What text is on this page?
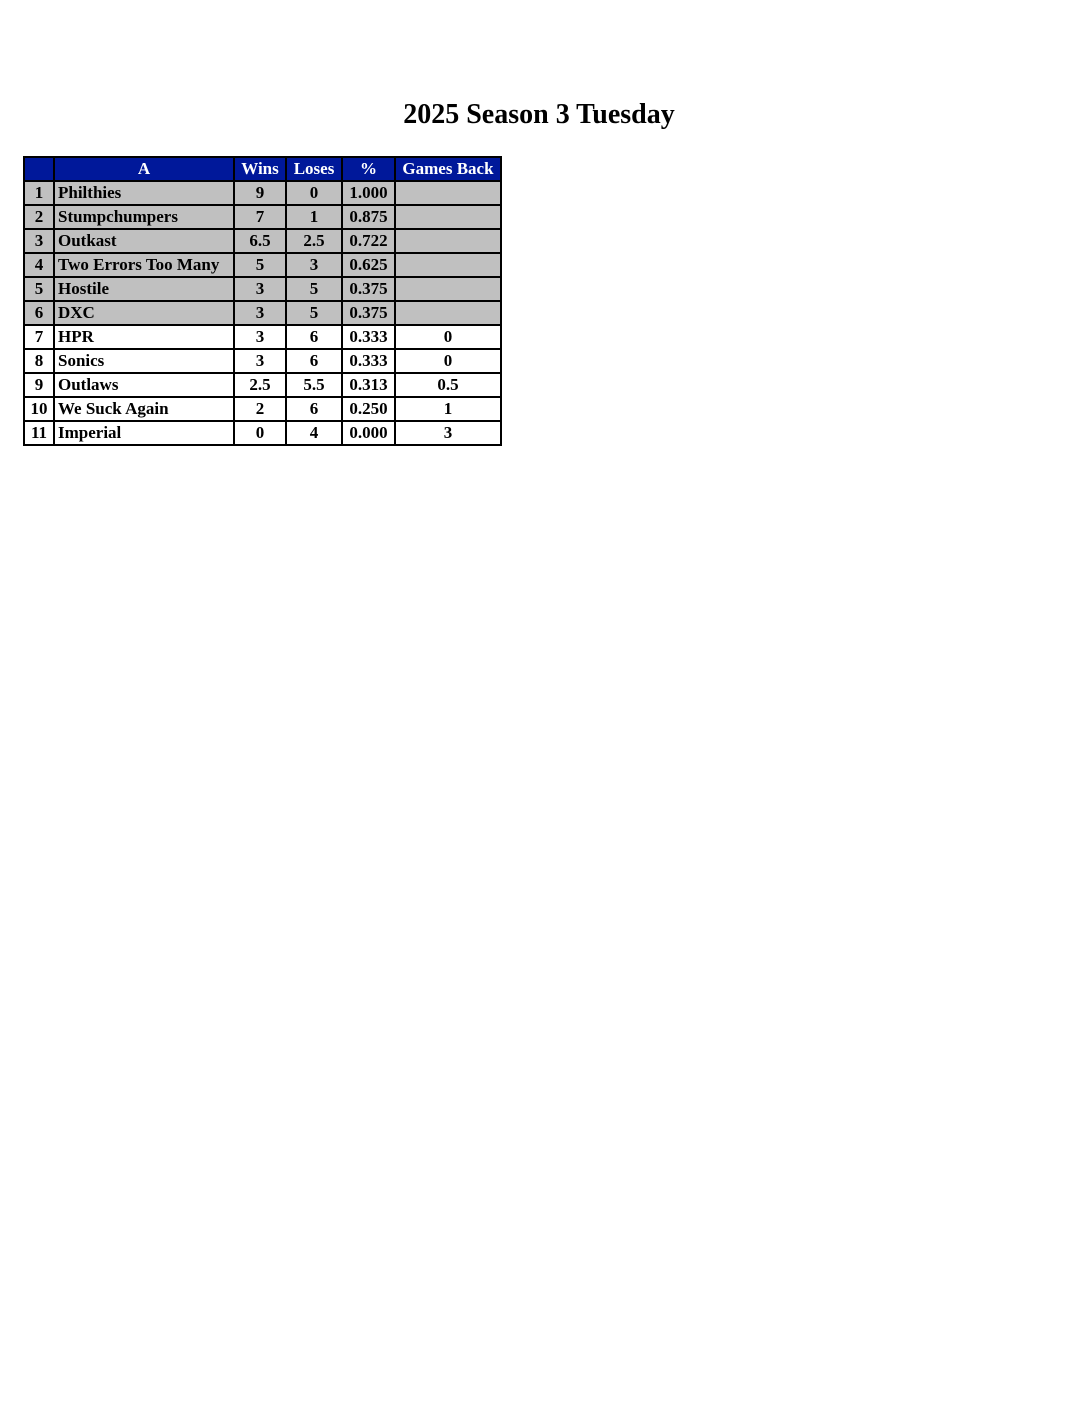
2025 Season 3 Tuesday
	A	Wins	Loses	%	Games Back
1	Philthies	9	0	1.000	
2	Stumpchumpers	7	1	0.875	
3	Outkast	6.5	2.5	0.722	
4	Two Errors Too Many	5	3	0.625	
5	Hostile	3	5	0.375	
6	DXC	3	5	0.375	
7	HPR	3	6	0.333	0
8	Sonics	3	6	0.333	0
9	Outlaws	2.5	5.5	0.313	0.5
10	We Suck Again	2	6	0.250	1
11	Imperial	0	4	0.000	3
